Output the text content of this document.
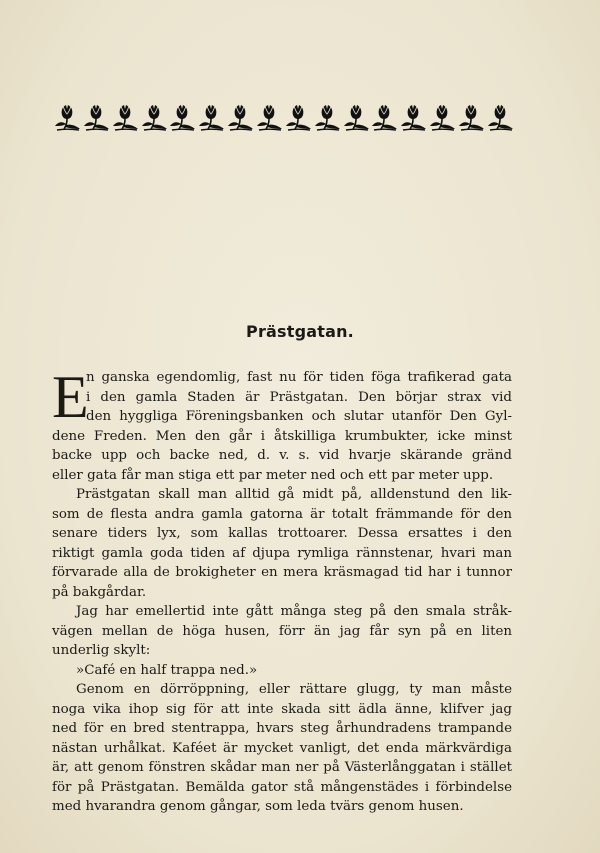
Prästgatan.
E
n ganska egendomlig, fast nu för tiden föga trafikerad gata
i den gamla Staden är Prästgatan. Den börjar strax vid
den hyggliga Föreningsbanken och slutar utanför Den Gyl-
dene Freden. Men den går i åtskilliga krumbukter, icke minst
backe upp och backe ned, d. v. s. vid hvarje skärande gränd
eller gata får man stiga ett par meter ned och ett par meter upp.
Prästgatan skall man alltid gå midt på, alldenstund den lik-
som de flesta andra gamla gatorna är totalt främmande för den
senare tiders lyx, som kallas trottoarer. Dessa ersattes i den
riktigt gamla goda tiden af djupa rymliga rännstenar, hvari man
förvarade alla de brokigheter en mera kräsmagad tid har i tunnor
på bakgårdar.
Jag har emellertid inte gått många steg på den smala stråk-
vägen mellan de höga husen, förr än jag får syn på en liten
underlig skylt:
»Café en half trappa ned.»
Genom en dörröppning, eller rättare glugg, ty man måste
noga vika ihop sig för att inte skada sitt ädla änne, klifver jag
ned för en bred stentrappa, hvars steg århundradens trampande
nästan urhålkat. Kaféet är mycket vanligt, det enda märkvärdiga
är, att genom fönstren skådar man ner på Västerlånggatan i stället
för på Prästgatan. Bemälda gator stå mångenstädes i förbindelse
med hvarandra genom gångar, som leda tvärs genom husen.
